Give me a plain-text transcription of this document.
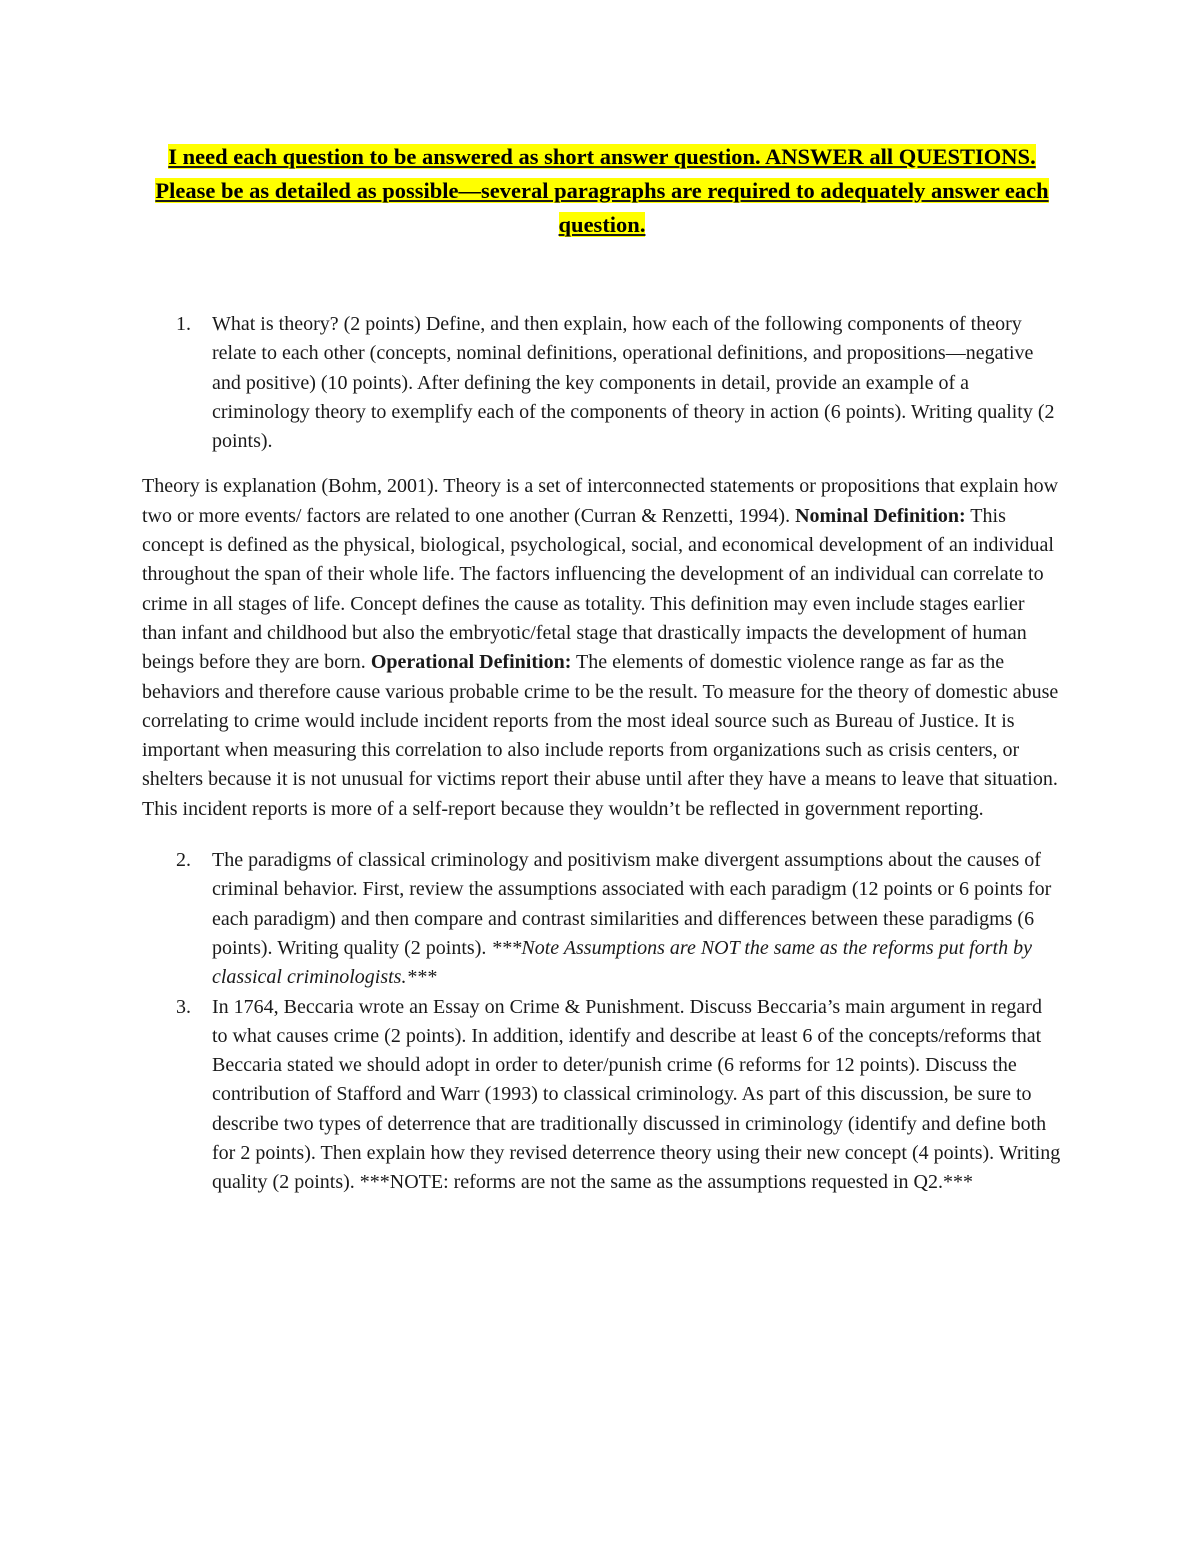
I need each question to be answered as short answer question. ANSWER all QUESTIONS. Please be as detailed as possible—several paragraphs are required to adequately answer each question.

1. What is theory? (2 points) Define, and then explain, how each of the following components of theory relate to each other (concepts, nominal definitions, operational definitions, and propositions—negative and positive) (10 points). After defining the key components in detail, provide an example of a criminology theory to exemplify each of the components of theory in action (6 points). Writing quality (2 points).

Theory is explanation (Bohm, 2001). Theory is a set of interconnected statements or propositions that explain how two or more events/ factors are related to one another (Curran & Renzetti, 1994). Nominal Definition: This concept is defined as the physical, biological, psychological, social, and economical development of an individual throughout the span of their whole life. The factors influencing the development of an individual can correlate to crime in all stages of life. Concept defines the cause as totality. This definition may even include stages earlier than infant and childhood but also the embryotic/fetal stage that drastically impacts the development of human beings before they are born. Operational Definition: The elements of domestic violence range as far as the behaviors and therefore cause various probable crime to be the result. To measure for the theory of domestic abuse correlating to crime would include incident reports from the most ideal source such as Bureau of Justice. It is important when measuring this correlation to also include reports from organizations such as crisis centers, or shelters because it is not unusual for victims report their abuse until after they have a means to leave that situation. This incident reports is more of a self-report because they wouldn’t be reflected in government reporting.

2. The paradigms of classical criminology and positivism make divergent assumptions about the causes of criminal behavior. First, review the assumptions associated with each paradigm (12 points or 6 points for each paradigm) and then compare and contrast similarities and differences between these paradigms (6 points). Writing quality (2 points). ***Note Assumptions are NOT the same as the reforms put forth by classical criminologists.***
3. In 1764, Beccaria wrote an Essay on Crime & Punishment. Discuss Beccaria’s main argument in regard to what causes crime (2 points). In addition, identify and describe at least 6 of the concepts/reforms that Beccaria stated we should adopt in order to deter/punish crime (6 reforms for 12 points). Discuss the contribution of Stafford and Warr (1993) to classical criminology. As part of this discussion, be sure to describe two types of deterrence that are traditionally discussed in criminology (identify and define both for 2 points). Then explain how they revised deterrence theory using their new concept (4 points). Writing quality (2 points). ***NOTE: reforms are not the same as the assumptions requested in Q2.***
